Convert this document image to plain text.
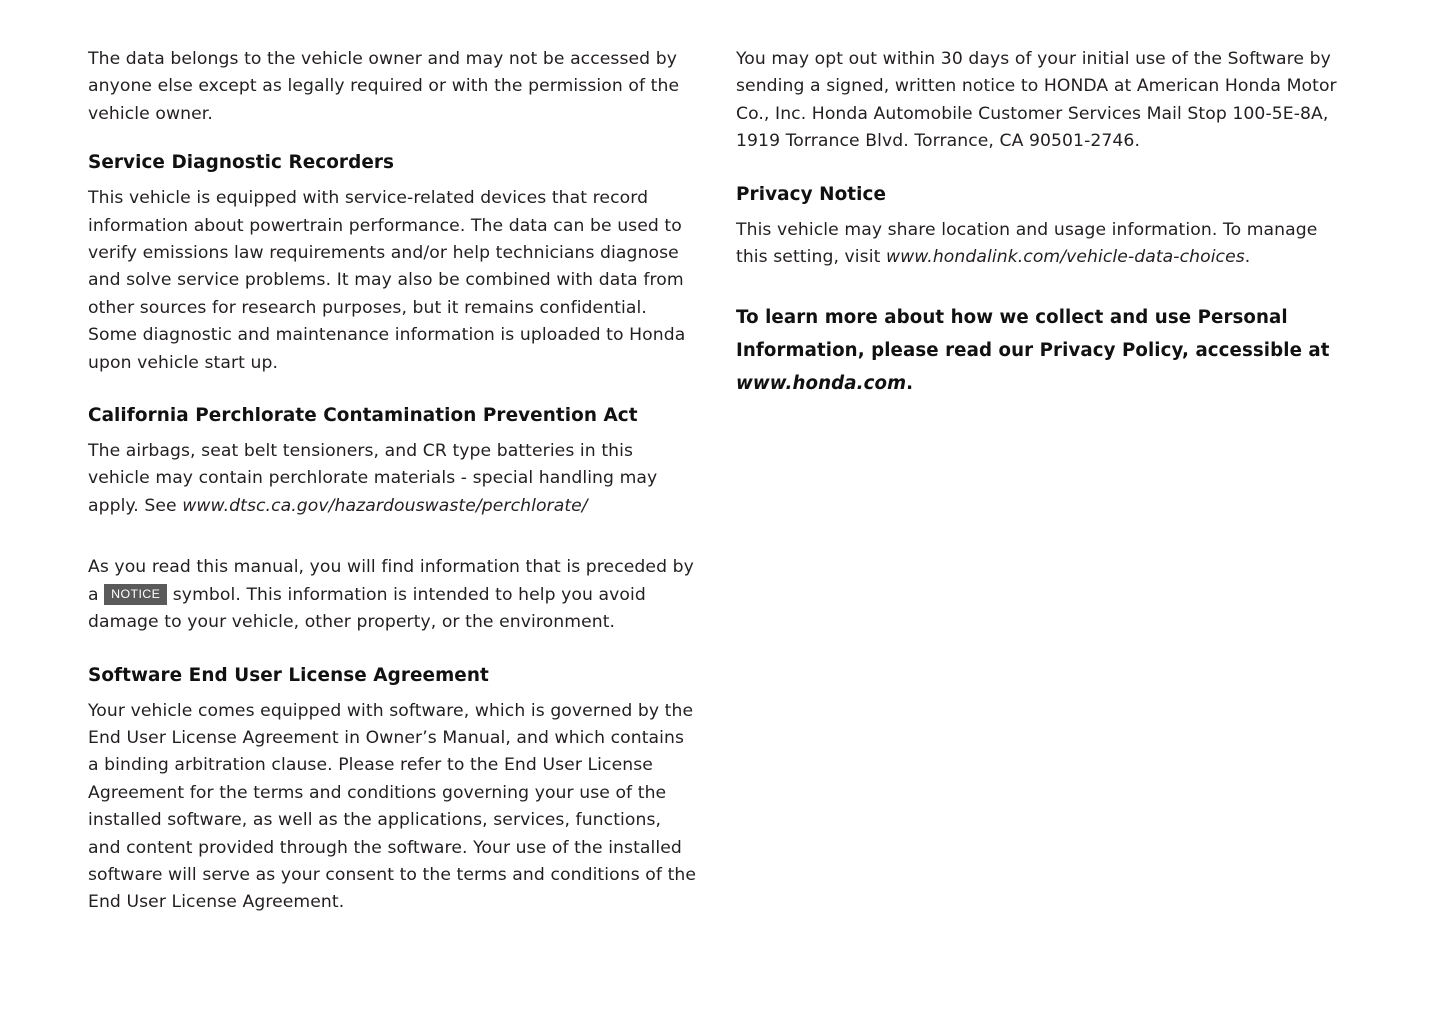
The data belongs to the vehicle owner and may not be accessed by anyone else except as legally required or with the permission of the vehicle owner.

Service Diagnostic Recorders

This vehicle is equipped with service-related devices that record information about powertrain performance. The data can be used to verify emissions law requirements and/or help technicians diagnose and solve service problems. It may also be combined with data from other sources for research purposes, but it remains confidential. Some diagnostic and maintenance information is uploaded to Honda upon vehicle start up.

California Perchlorate Contamination Prevention Act

The airbags, seat belt tensioners, and CR type batteries in this vehicle may contain perchlorate materials - special handling may apply. See www.dtsc.ca.gov/hazardouswaste/perchlorate/

As you read this manual, you will find information that is preceded by a NOTICE symbol. This information is intended to help you avoid damage to your vehicle, other property, or the environment.

Software End User License Agreement

Your vehicle comes equipped with software, which is governed by the End User License Agreement in Owner’s Manual, and which contains a binding arbitration clause. Please refer to the End User License Agreement for the terms and conditions governing your use of the installed software, as well as the applications, services, functions, and content provided through the software. Your use of the installed software will serve as your consent to the terms and conditions of the End User License Agreement.

You may opt out within 30 days of your initial use of the Software by sending a signed, written notice to HONDA at American Honda Motor Co., Inc. Honda Automobile Customer Services Mail Stop 100-5E-8A, 1919 Torrance Blvd. Torrance, CA 90501-2746.

Privacy Notice

This vehicle may share location and usage information. To manage this setting, visit www.hondalink.com/vehicle-data-choices.

To learn more about how we collect and use Personal Information, please read our Privacy Policy, accessible at www.honda.com.
